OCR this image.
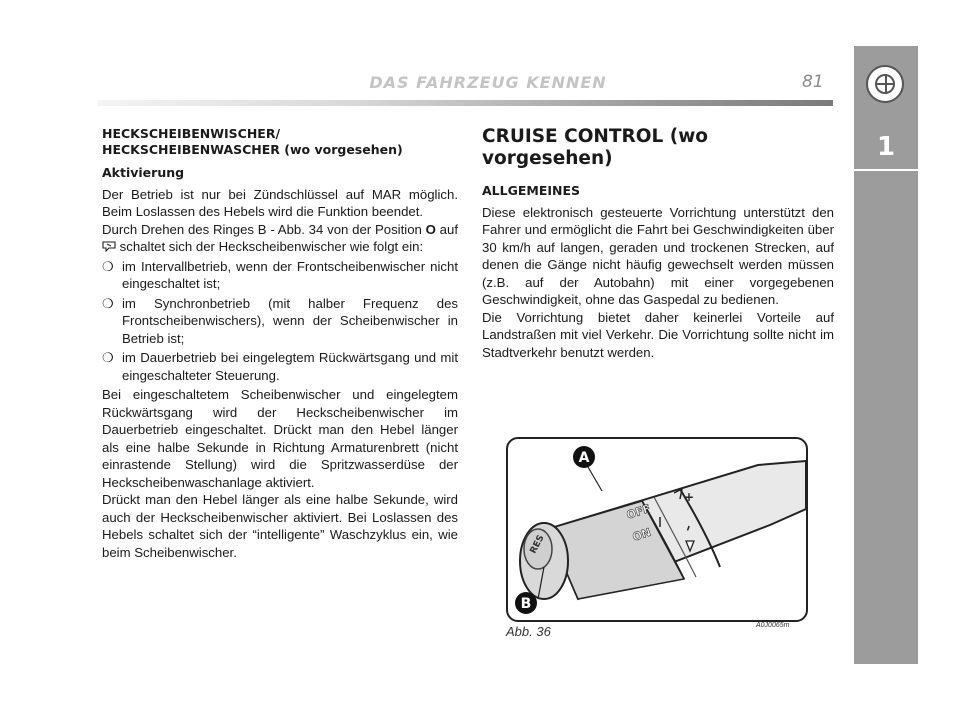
DAS FAHRZEUG KENNEN	81
1
HECKSCHEIBENWISCHER/
HECKSCHEIBENWASCHER (wo vorgesehen)
Aktivierung

Der Betrieb ist nur bei Zündschlüssel auf MAR möglich. Beim Loslassen des Hebels wird die Funktion beendet.

Durch Drehen des Ringes B - Abb. 34 von der Position O auf  schaltet sich der Heckscheibenwischer wie folgt ein:

❍ im Intervallbetrieb, wenn der Frontscheibenwischer nicht eingeschaltet ist;
❍ im Synchronbetrieb (mit halber Frequenz des Frontscheibenwischers), wenn der Scheibenwischer in Betrieb ist;
❍ im Dauerbetrieb bei eingelegtem Rückwärtsgang und mit eingeschalteter Steuerung.

Bei eingeschaltetem Scheibenwischer und eingelegtem Rückwärtsgang wird der Heckscheibenwischer im Dauerbetrieb eingeschaltet. Drückt man den Hebel länger als eine halbe Sekunde in Richtung Armaturenbrett (nicht einrastende Stellung) wird die Spritzwasserdüse der Heckscheibenwaschanlage aktiviert.

Drückt man den Hebel länger als eine halbe Sekunde, wird auch der Heckscheibenwischer aktiviert. Bei Loslassen des Hebels schaltet sich der “intelligente” Waschzyklus ein, wie beim Scheibenwischer.

CRUISE CONTROL (wo vorgesehen)
ALLGEMEINES

Diese elektronisch gesteuerte Vorrichtung unterstützt den Fahrer und ermöglicht die Fahrt bei Geschwindigkeiten über 30 km/h auf langen, geraden und trockenen Strecken, auf denen die Gänge nicht häufig gewechselt werden müssen (z.B. auf der Autobahn) mit einer vorgegebenen Geschwindigkeit, ohne das Gaspedal zu bedienen.

Die Vorrichtung bietet daher keinerlei Vorteile auf Landstraßen mit viel Verkehr. Die Vorrichtung sollte nicht im Stadtverkehr benutzt werden.

RES
OFF
ON
+
–
A
B
Abb. 36	A0J0065m
